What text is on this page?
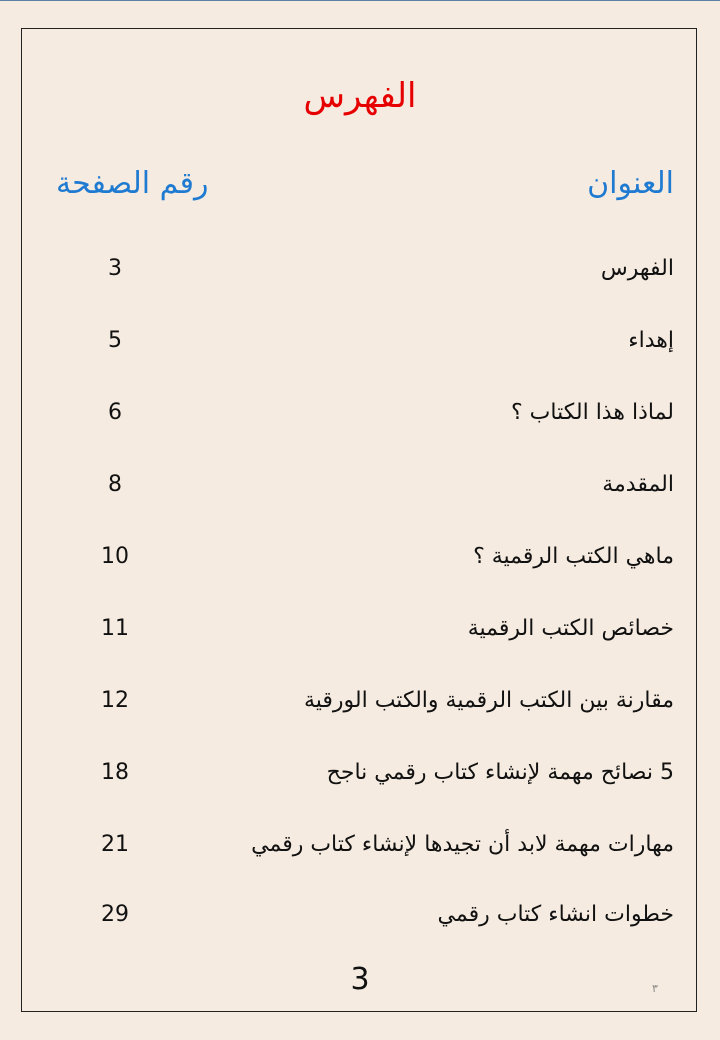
الفهرس
العنوان
رقم الصفحة
الفهرس
3
إهداء
5
لماذا هذا الكتاب ؟
6
المقدمة
8
ماهي الكتب الرقمية ؟
10
خصائص الكتب الرقمية
11
مقارنة بين الكتب الرقمية والكتب الورقية
12
5 نصائح مهمة لإنشاء كتاب رقمي ناجح
18
مهارات مهمة لابد أن تجيدها لإنشاء كتاب رقمي
21
خطوات انشاء كتاب رقمي
29
3	٣
